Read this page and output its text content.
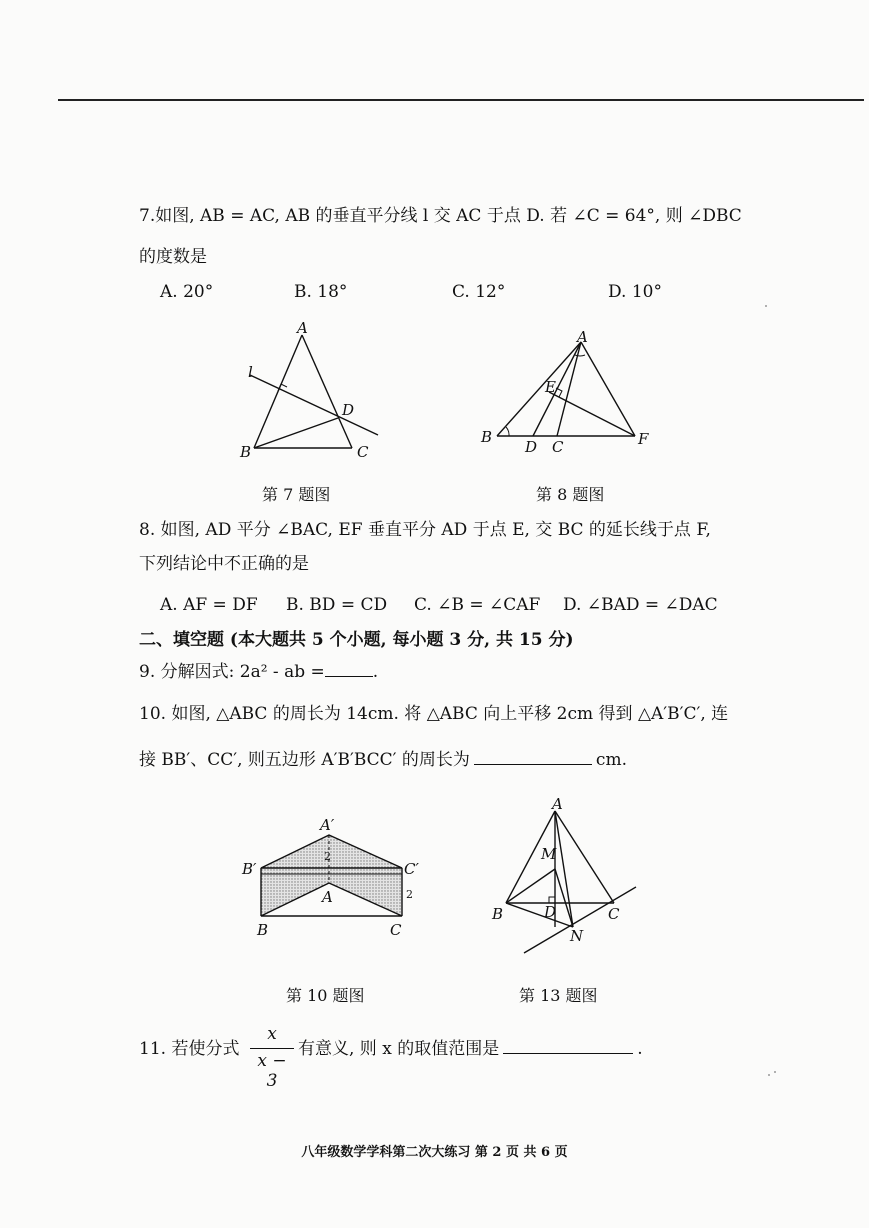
7.如图, AB = AC, AB 的垂直平分线 l 交 AC 于点 D. 若 ∠C = 64°, 则 ∠DBC
的度数是
A. 20°	B. 18°	C. 12°	D. 10°
A
B	C
D
l
A
B
D C
E
F
第 7 题图	第 8 题图
8. 如图, AD 平分 ∠BAC, EF 垂直平分 AD 于点 E, 交 BC 的延长线于点 F,
下列结论中不正确的是
A. AF = DF B. BD = CD C. ∠B = ∠CAF D. ∠BAD = ∠DAC
二、填空题 (本大题共 5 个小题, 每小题 3 分, 共 15 分)
9. 分解因式: 2a² - ab =	.
10. 如图, △ABC 的周长为 14cm. 将 △ABC 向上平移 2cm 得到 △A′B′C′, 连
接 BB′、CC′, 则五边形 A′B′BCC′ 的周长为	cm.
A′
B′	C′
A
B	C
2
2
A
M
B	D	C
N
第 10 题图	第 13 题图
11. 若使分式
x
x − 3
有意义, 则 x 的取值范围是	.
八年级数学学科第二次大练习 第 2 页 共 6 页
